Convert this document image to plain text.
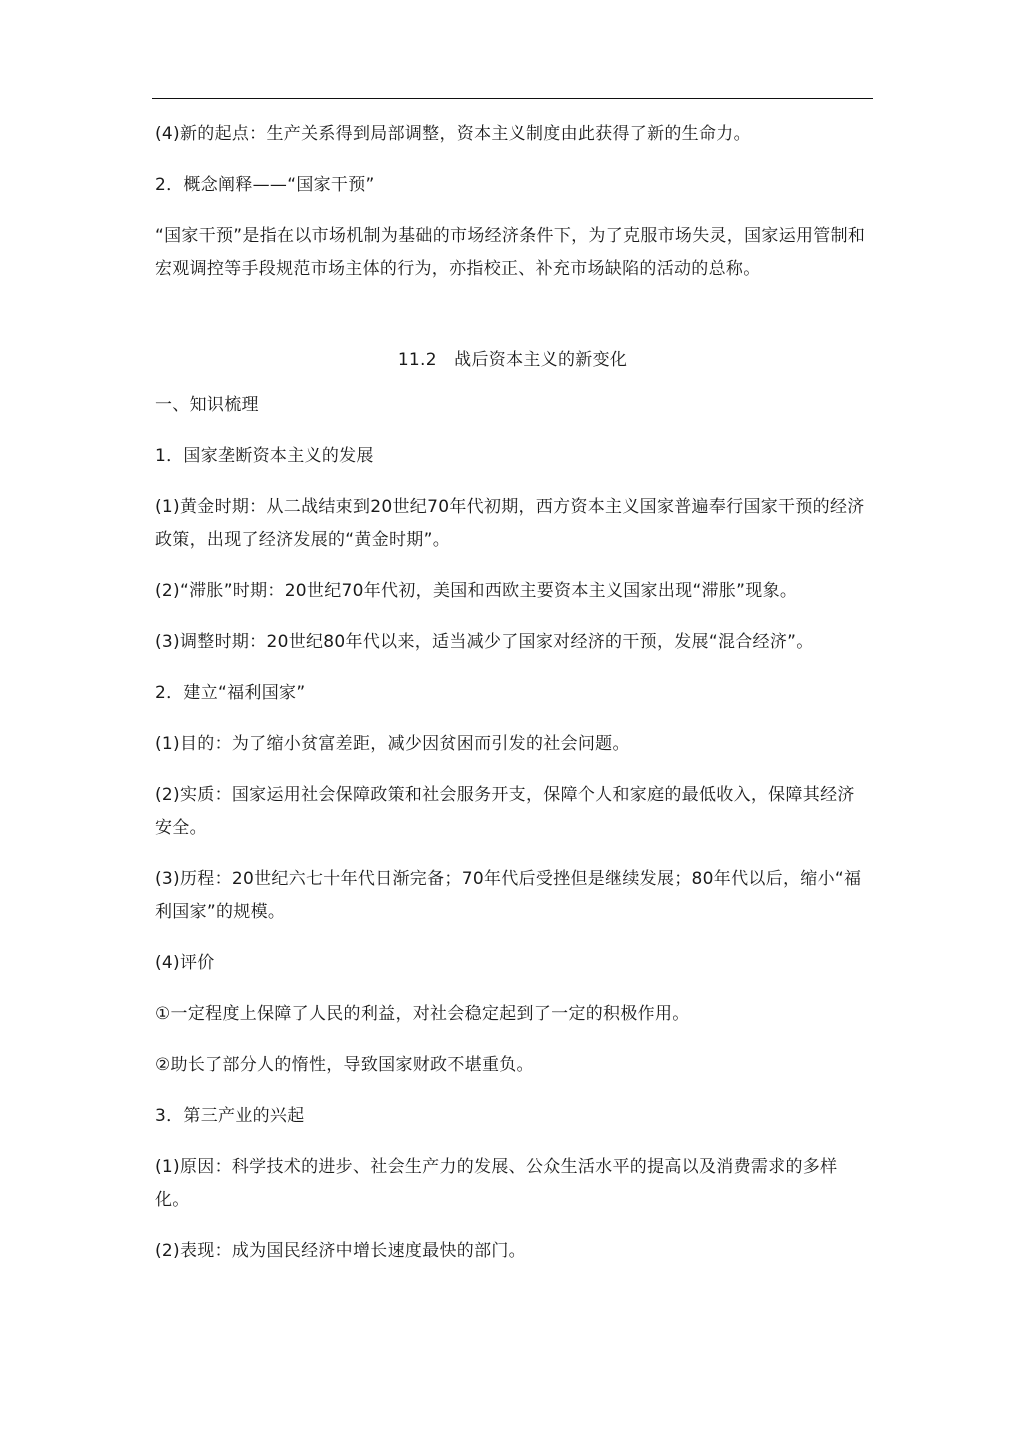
(4)新的起点：生产关系得到局部调整，资本主义制度由此获得了新的生命力。

2．概念阐释——“国家干预”

“国家干预”是指在以市场机制为基础的市场经济条件下，为了克服市场失灵，国家运用管制和宏观调控等手段规范市场主体的行为，亦指校正、补充市场缺陷的活动的总称。

11.2　战后资本主义的新变化

一、知识梳理

1．国家垄断资本主义的发展

(1)黄金时期：从二战结束到20世纪70年代初期，西方资本主义国家普遍奉行国家干预的经济政策，出现了经济发展的“黄金时期”。

(2)“滞胀”时期：20世纪70年代初，美国和西欧主要资本主义国家出现“滞胀”现象。

(3)调整时期：20世纪80年代以来，适当减少了国家对经济的干预，发展“混合经济”。

2．建立“福利国家”

(1)目的：为了缩小贫富差距，减少因贫困而引发的社会问题。

(2)实质：国家运用社会保障政策和社会服务开支，保障个人和家庭的最低收入，保障其经济安全。

(3)历程：20世纪六七十年代日渐完备；70年代后受挫但是继续发展；80年代以后，缩小“福利国家”的规模。

(4)评价

①一定程度上保障了人民的利益，对社会稳定起到了一定的积极作用。

②助长了部分人的惰性，导致国家财政不堪重负。

3．第三产业的兴起

(1)原因：科学技术的进步、社会生产力的发展、公众生活水平的提高以及消费需求的多样化。

(2)表现：成为国民经济中增长速度最快的部门。
